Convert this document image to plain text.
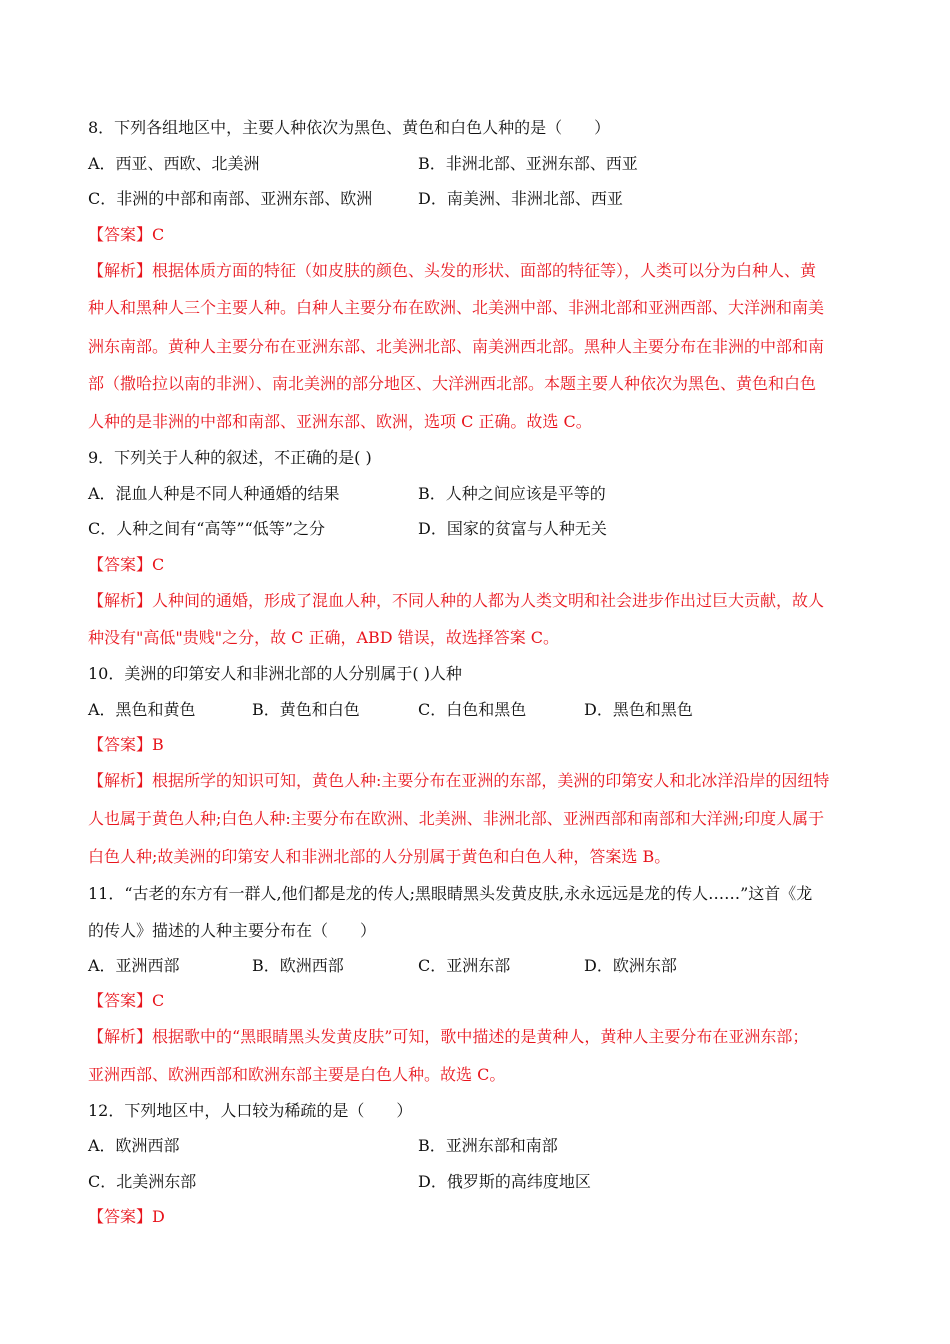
8．下列各组地区中，主要人种依次为黑色、黄色和白色人种的是（　　）
A．西亚、西欧、北美洲	B．非洲北部、亚洲东部、西亚
C．非洲的中部和南部、亚洲东部、欧洲	D．南美洲、非洲北部、西亚
【答案】C
【解析】根据体质方面的特征（如皮肤的颜色、头发的形状、面部的特征等），人类可以分为白种人、黄
种人和黑种人三个主要人种。白种人主要分布在欧洲、北美洲中部、非洲北部和亚洲西部、大洋洲和南美
洲东南部。黄种人主要分布在亚洲东部、北美洲北部、南美洲西北部。黑种人主要分布在非洲的中部和南
部（撒哈拉以南的非洲）、南北美洲的部分地区、大洋洲西北部。本题主要人种依次为黑色、黄色和白色
人种的是非洲的中部和南部、亚洲东部、欧洲，选项 C 正确。故选 C。
9．下列关于人种的叙述，不正确的是( )
A．混血人种是不同人种通婚的结果	B．人种之间应该是平等的
C．人种之间有“高等”“低等”之分	D．国家的贫富与人种无关
【答案】C
【解析】人种间的通婚，形成了混血人种，不同人种的人都为人类文明和社会进步作出过巨大贡献，故人
种没有"高低"贵贱"之分，故 C 正确，ABD 错误，故选择答案 C。
10．美洲的印第安人和非洲北部的人分别属于( )人种
A．黑色和黄色	B．黄色和白色	C．白色和黑色	D．黑色和黑色
【答案】B
【解析】根据所学的知识可知，黄色人种:主要分布在亚洲的东部，美洲的印第安人和北冰洋沿岸的因纽特
人也属于黄色人种;白色人种:主要分布在欧洲、北美洲、非洲北部、亚洲西部和南部和大洋洲;印度人属于
白色人种;故美洲的印第安人和非洲北部的人分别属于黄色和白色人种，答案选 B。
11．“古老的东方有一群人,他们都是龙的传人;黑眼睛黑头发黄皮肤,永永远远是龙的传人……”这首《龙
的传人》描述的人种主要分布在（　　）
A．亚洲西部	B．欧洲西部	C．亚洲东部	D．欧洲东部
【答案】C
【解析】根据歌中的“黑眼睛黑头发黄皮肤”可知，歌中描述的是黄种人，黄种人主要分布在亚洲东部；
亚洲西部、欧洲西部和欧洲东部主要是白色人种。故选 C。
12．下列地区中，人口较为稀疏的是（　　）
A．欧洲西部	B．亚洲东部和南部
C．北美洲东部	D．俄罗斯的高纬度地区
【答案】D
